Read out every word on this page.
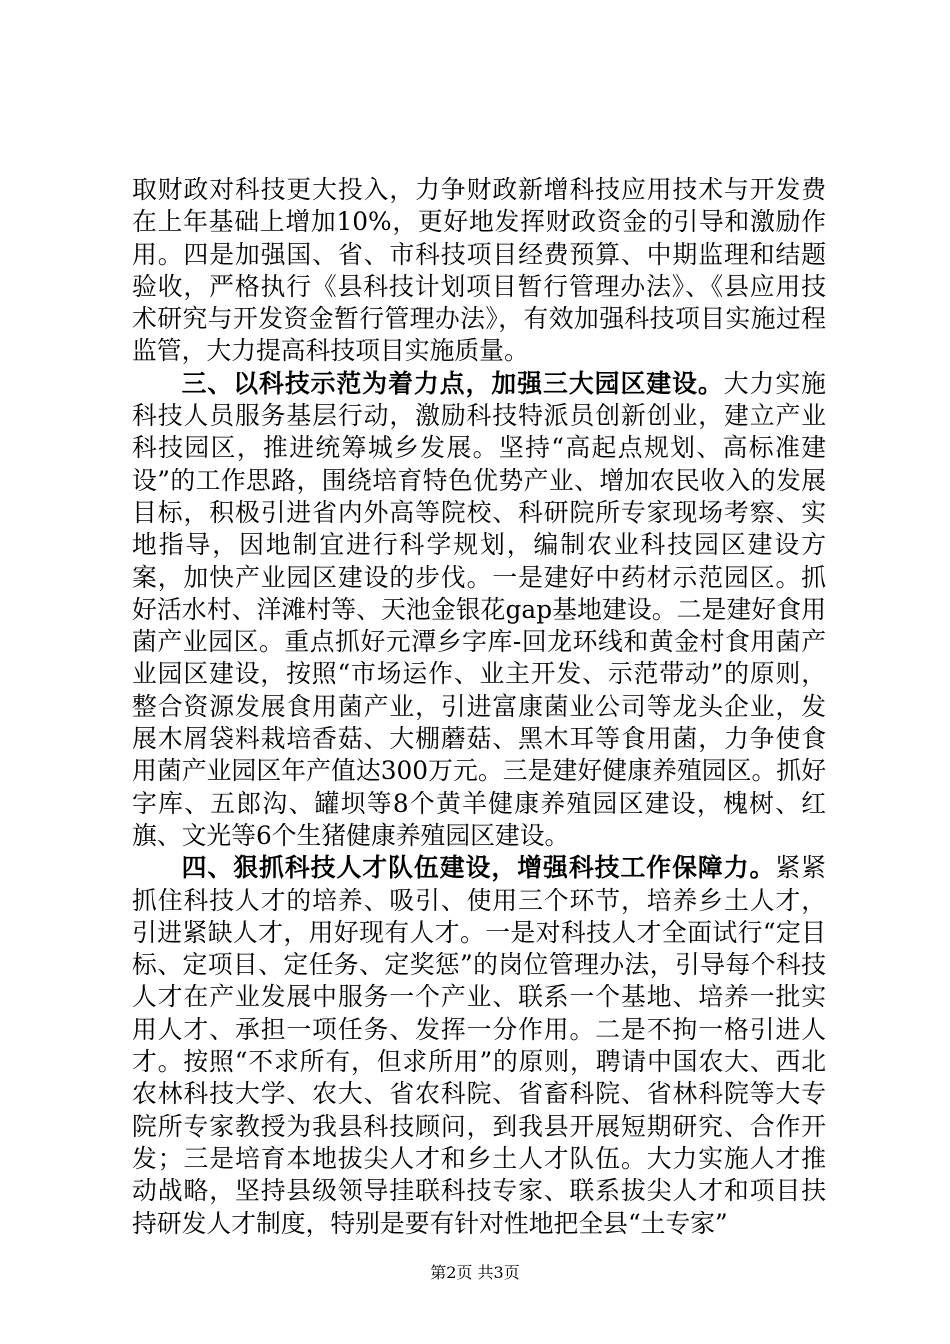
取财政对科技更大投入，力争财政新增科技应用技术与开发费在上年基础上增加10%，更好地发挥财政资金的引导和激励作用。四是加强国、省、市科技项目经费预算、中期监理和结题验收，严格执行《县科技计划项目暂行管理办法》、《县应用技术研究与开发资金暂行管理办法》，有效加强科技项目实施过程监管，大力提高科技项目实施质量。

三、以科技示范为着力点，加强三大园区建设。大力实施科技人员服务基层行动，激励科技特派员创新创业，建立产业科技园区，推进统筹城乡发展。坚持“高起点规划、高标准建设”的工作思路，围绕培育特色优势产业、增加农民收入的发展目标，积极引进省内外高等院校、科研院所专家现场考察、实地指导，因地制宜进行科学规划，编制农业科技园区建设方案，加快产业园区建设的步伐。一是建好中药材示范园区。抓好活水村、洋滩村等、天池金银花gap基地建设。二是建好食用菌产业园区。重点抓好元潭乡字库-回龙环线和黄金村食用菌产业园区建设，按照“市场运作、业主开发、示范带动”的原则，整合资源发展食用菌产业，引进富康菌业公司等龙头企业，发展木屑袋料栽培香菇、大棚蘑菇、黑木耳等食用菌，力争使食用菌产业园区年产值达300万元。三是建好健康养殖园区。抓好字库、五郎沟、罐坝等8个黄羊健康养殖园区建设，槐树、红旗、文光等6个生猪健康养殖园区建设。

四、狠抓科技人才队伍建设，增强科技工作保障力。紧紧抓住科技人才的培养、吸引、使用三个环节，培养乡土人才，引进紧缺人才，用好现有人才。一是对科技人才全面试行“定目标、定项目、定任务、定奖惩”的岗位管理办法，引导每个科技人才在产业发展中服务一个产业、联系一个基地、培养一批实用人才、承担一项任务、发挥一分作用。二是不拘一格引进人才。按照“不求所有，但求所用”的原则，聘请中国农大、西北农林科技大学、农大、省农科院、省畜科院、省林科院等大专院所专家教授为我县科技顾问，到我县开展短期研究、合作开发；三是培育本地拔尖人才和乡土人才队伍。大力实施人才推动战略，坚持县级领导挂联科技专家、联系拔尖人才和项目扶持研发人才制度，特别是要有针对性地把全县“土专家”

第2页 共3页
